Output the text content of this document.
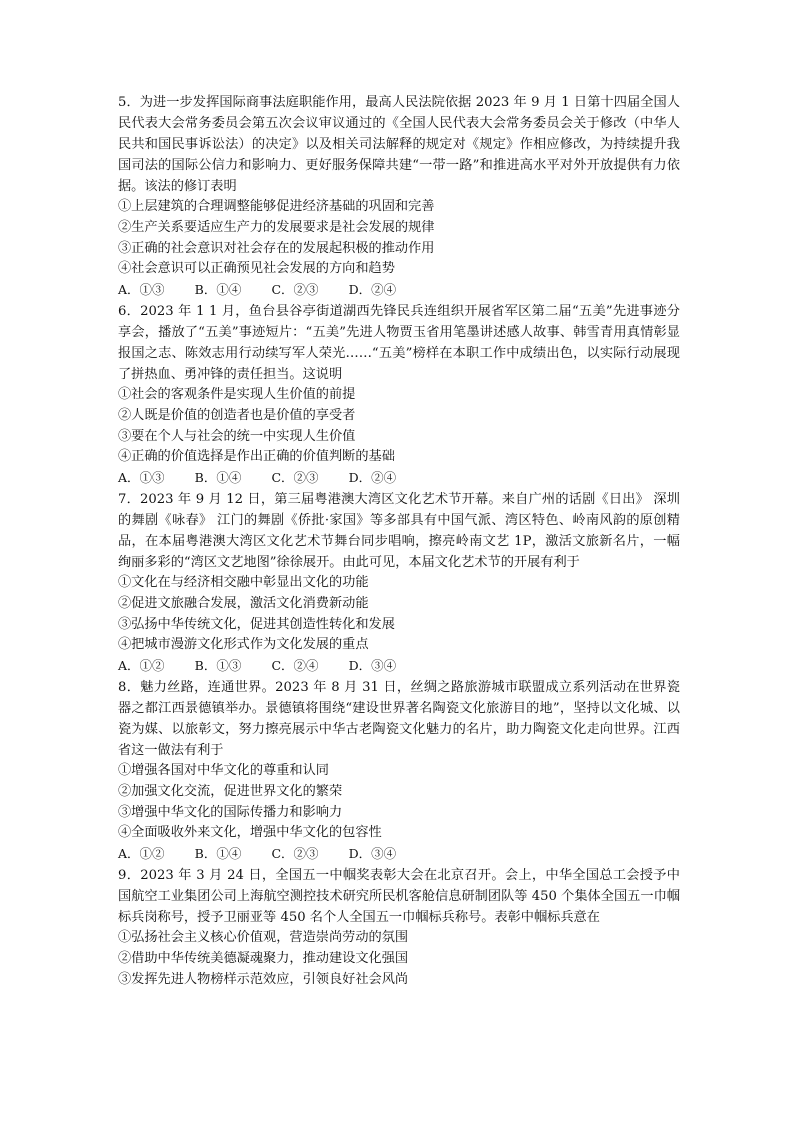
5．为进一步发挥国际商事法庭职能作用，最高人民法院依据 2023 年 9 月 1 日第十四届全国人民代表大会常务委员会第五次会议审议通过的《全国人民代表大会常务委员会关于修改（中华人民共和国民事诉讼法）的决定》以及相关司法解释的规定对《规定》作相应修改，为持续提升我国司法的国际公信力和影响力、更好服务保障共建“一带一路”和推进高水平对外开放提供有力依据。该法的修订表明

①上层建筑的合理调整能够促进经济基础的巩固和完善

②生产关系要适应生产力的发展要求是社会发展的规律

③正确的社会意识对社会存在的发展起积极的推动作用

④社会意识可以正确预见社会发展的方向和趋势

A．①③ B．①④ C．②③ D．②④

6．2023 年 1 1 月，鱼台县谷亭街道湖西先锋民兵连组织开展省军区第二届“五美”先进事迹分享会，播放了“五美”事迹短片：“五美”先进人物贾玉省用笔墨讲述感人故事、韩雪青用真情彰显报国之志、陈效志用行动续写军人荣光……“五美”榜样在本职工作中成绩出色，以实际行动展现了拼热血、勇冲锋的责任担当。这说明

①社会的客观条件是实现人生价值的前提

②人既是价值的创造者也是价值的享受者

③要在个人与社会的统一中实现人生价值

④正确的价值选择是作出正确的价值判断的基础

A．①③ B．①④ C．②③ D．②④

7．2023 年 9 月 12 日，第三届粤港澳大湾区文化艺术节开幕。来自广州的话剧《日出》 深圳的舞剧《咏春》 江门的舞剧《侨批·家国》等多部具有中国气派、湾区特色、岭南风韵的原创精品，在本届粤港澳大湾区文化艺术节舞台同步唱响，擦亮岭南文艺 1P，激活文旅新名片，一幅绚丽多彩的“湾区文艺地图”徐徐展开。由此可见，本届文化艺术节的开展有利于

①文化在与经济相交融中彰显出文化的功能

②促进文旅融合发展，激活文化消费新动能

③弘扬中华传统文化，促进其创造性转化和发展

④把城市漫游文化形式作为文化发展的重点

A．①② B．①③ C．②④ D．③④

8．魅力丝路，连通世界。2023 年 8 月 31 日，丝绸之路旅游城市联盟成立系列活动在世界瓷器之都江西景德镇举办。景德镇将围绕“建设世界著名陶瓷文化旅游目的地”，坚持以文化城、以瓷为媒、以旅彰文，努力擦亮展示中华古老陶瓷文化魅力的名片，助力陶瓷文化走向世界。江西省这一做法有利于

①增强各国对中华文化的尊重和认同

②加强文化交流，促进世界文化的繁荣

③增强中华文化的国际传播力和影响力

④全面吸收外来文化，增强中华文化的包容性

A．①② B．①④ C．②③ D．③④

9．2023 年 3 月 24 日，全国五一中帼奖表彰大会在北京召开。会上，中华全国总工会授予中国航空工业集团公司上海航空测控技术研究所民机客舱信息研制团队等 450 个集体全国五一巾帼标兵岗称号，授予卫丽亚等 450 名个人全国五一巾帼标兵称号。表彰中帼标兵意在

①弘扬社会主义核心价值观，营造崇尚劳动的氛围

②借助中华传统美德凝魂聚力，推动建设文化强国

③发挥先进人物榜样示范效应，引领良好社会风尚
